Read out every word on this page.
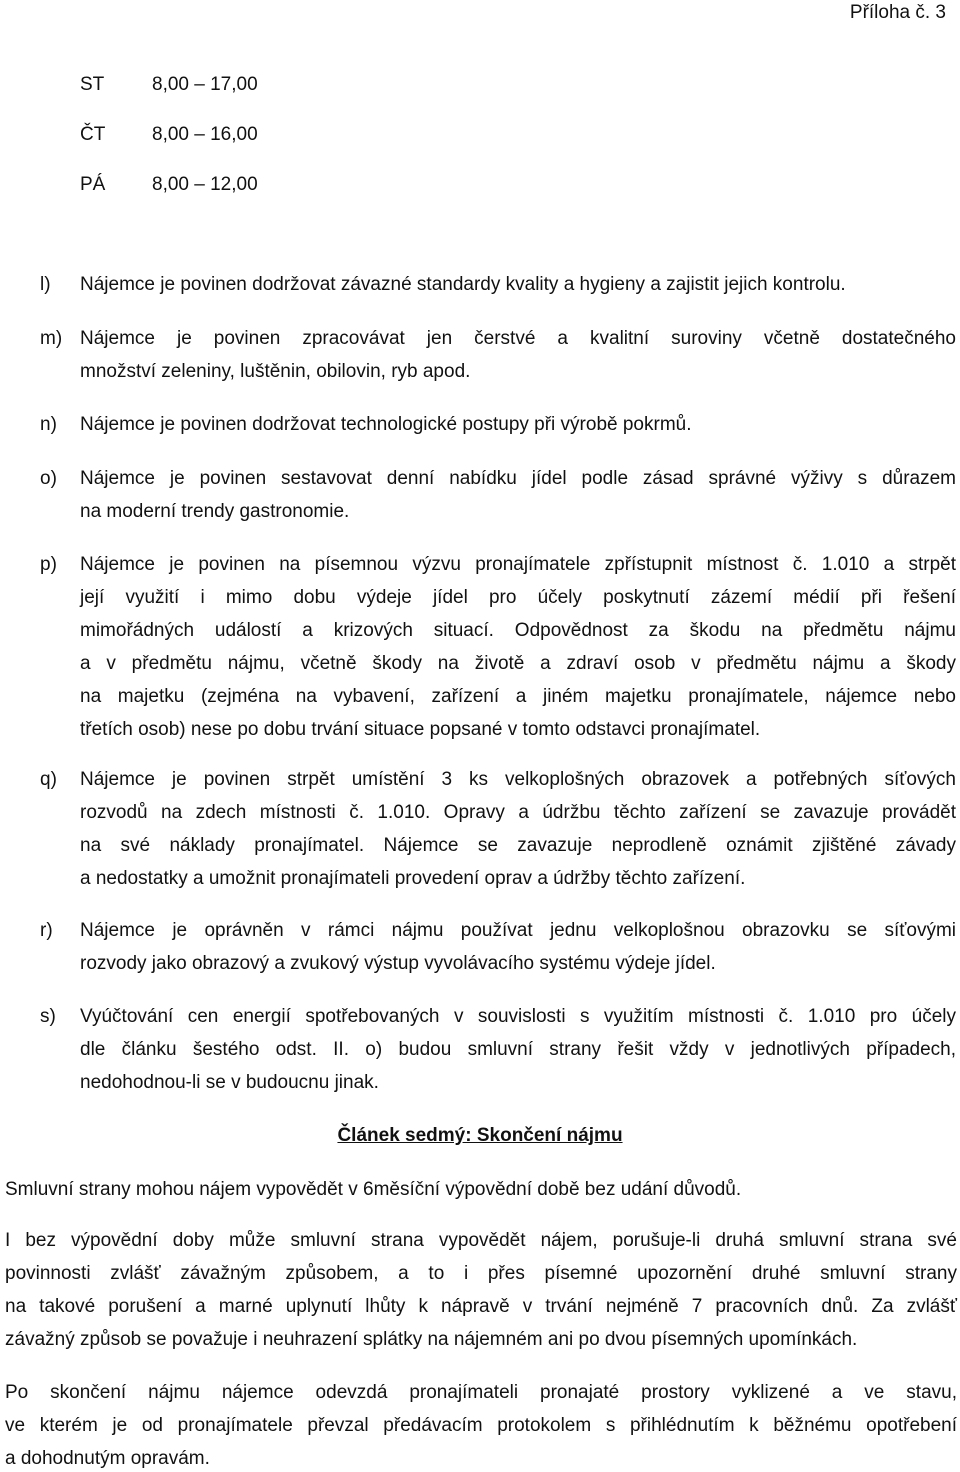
Příloha č. 3
ST	8,00 – 17,00
ČT 8,00 – 16,00
PÁ 8,00 – 12,00
l) Nájemce je povinen dodržovat závazné standardy kvality a hygieny a zajistit jejich kontrolu.
m) Nájemce je povinen zpracovávat jen čerstvé a kvalitní suroviny včetně dostatečného
množství zeleniny, luštěnin, obilovin, ryb apod.
n) Nájemce je povinen dodržovat technologické postupy při výrobě pokrmů.
o) Nájemce je povinen sestavovat denní nabídku jídel podle zásad správné výživy s důrazem
na moderní trendy gastronomie.
p) Nájemce je povinen na písemnou výzvu pronajímatele zpřístupnit místnost č. 1.010 a strpět
její využití i mimo dobu výdeje jídel pro účely poskytnutí zázemí médií při řešení
mimořádných událostí a krizových situací. Odpovědnost za škodu na předmětu nájmu
a v předmětu nájmu, včetně škody na životě a zdraví osob v předmětu nájmu a škody
na majetku (zejména na vybavení, zařízení a jiném majetku pronajímatele, nájemce nebo
třetích osob) nese po dobu trvání situace popsané v tomto odstavci pronajímatel.
q) Nájemce je povinen strpět umístění 3 ks velkoplošných obrazovek a potřebných síťových
rozvodů na zdech místnosti č. 1.010. Opravy a údržbu těchto zařízení se zavazuje provádět
na své náklady pronajímatel. Nájemce se zavazuje neprodleně oznámit zjištěné závady
a nedostatky a umožnit pronajímateli provedení oprav a údržby těchto zařízení.
r) Nájemce je oprávněn v rámci nájmu používat jednu velkoplošnou obrazovku se síťovými
rozvody jako obrazový a zvukový výstup vyvolávacího systému výdeje jídel.
s) Vyúčtování cen energií spotřebovaných v souvislosti s využitím místnosti č. 1.010 pro účely
dle článku šestého odst. II. o) budou smluvní strany řešit vždy v jednotlivých případech,
nedohodnou-li se v budoucnu jinak.
Článek sedmý: Skončení nájmu
Smluvní strany mohou nájem vypovědět v 6měsíční výpovědní době bez udání důvodů.
I bez výpovědní doby může smluvní strana vypovědět nájem, porušuje-li druhá smluvní strana své
povinnosti zvlášť závažným způsobem, a to i přes písemné upozornění druhé smluvní strany
na takové porušení a marné uplynutí lhůty k nápravě v trvání nejméně 7 pracovních dnů. Za zvlášť
závažný způsob se považuje i neuhrazení splátky na nájemném ani po dvou písemných upomínkách.
Po skončení nájmu nájemce odevzdá pronajímateli pronajaté prostory vyklizené a ve stavu,
ve kterém je od pronajímatele převzal předávacím protokolem s přihlédnutím k běžnému opotřebení
a dohodnutým opravám.
